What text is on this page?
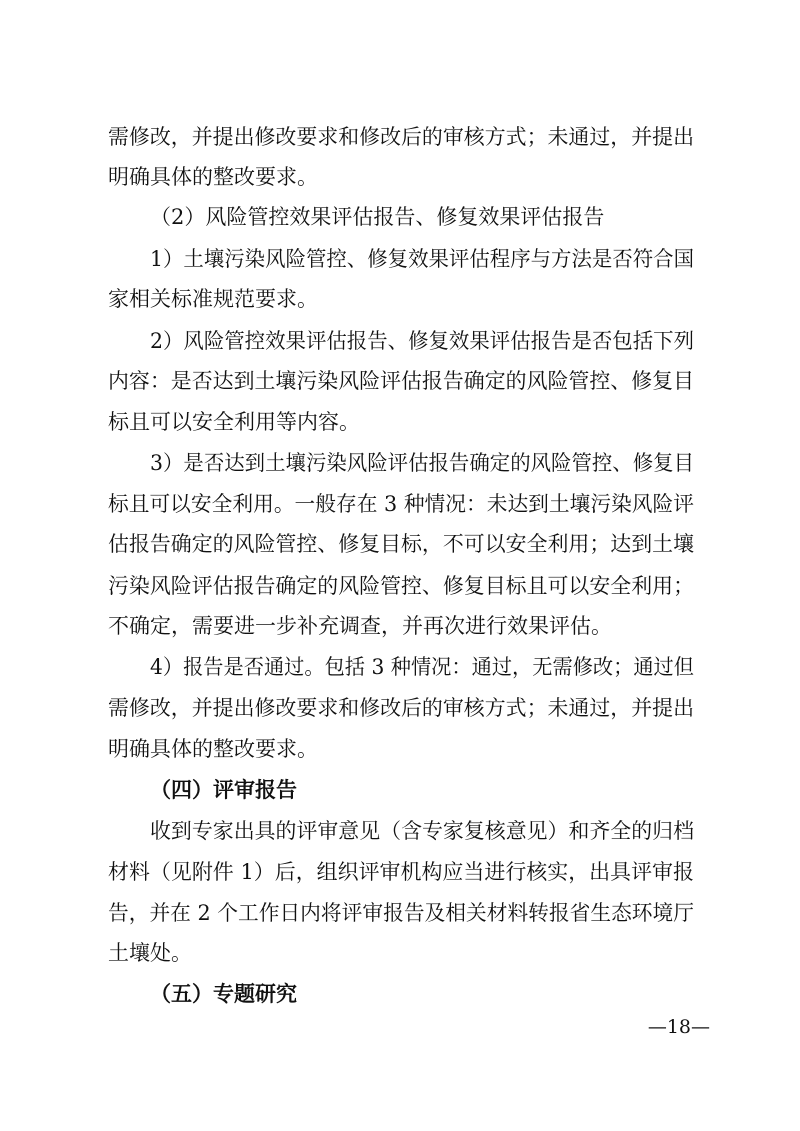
需修改，并提出修改要求和修改后的审核方式；未通过，并提出
明确具体的整改要求。
（2）风险管控效果评估报告、修复效果评估报告
1）土壤污染风险管控、修复效果评估程序与方法是否符合国
家相关标准规范要求。
2）风险管控效果评估报告、修复效果评估报告是否包括下列
内容：是否达到土壤污染风险评估报告确定的风险管控、修复目
标且可以安全利用等内容。
3）是否达到土壤污染风险评估报告确定的风险管控、修复目
标且可以安全利用。一般存在 3 种情况：未达到土壤污染风险评
估报告确定的风险管控、修复目标，不可以安全利用；达到土壤
污染风险评估报告确定的风险管控、修复目标且可以安全利用；
不确定，需要进一步补充调查，并再次进行效果评估。
4）报告是否通过。包括 3 种情况：通过，无需修改；通过但
需修改，并提出修改要求和修改后的审核方式；未通过，并提出
明确具体的整改要求。
（四）评审报告
收到专家出具的评审意见（含专家复核意见）和齐全的归档
材料（见附件 1）后，组织评审机构应当进行核实，出具评审报
告，并在 2 个工作日内将评审报告及相关材料转报省生态环境厅
土壤处。
（五）专题研究
—18—
